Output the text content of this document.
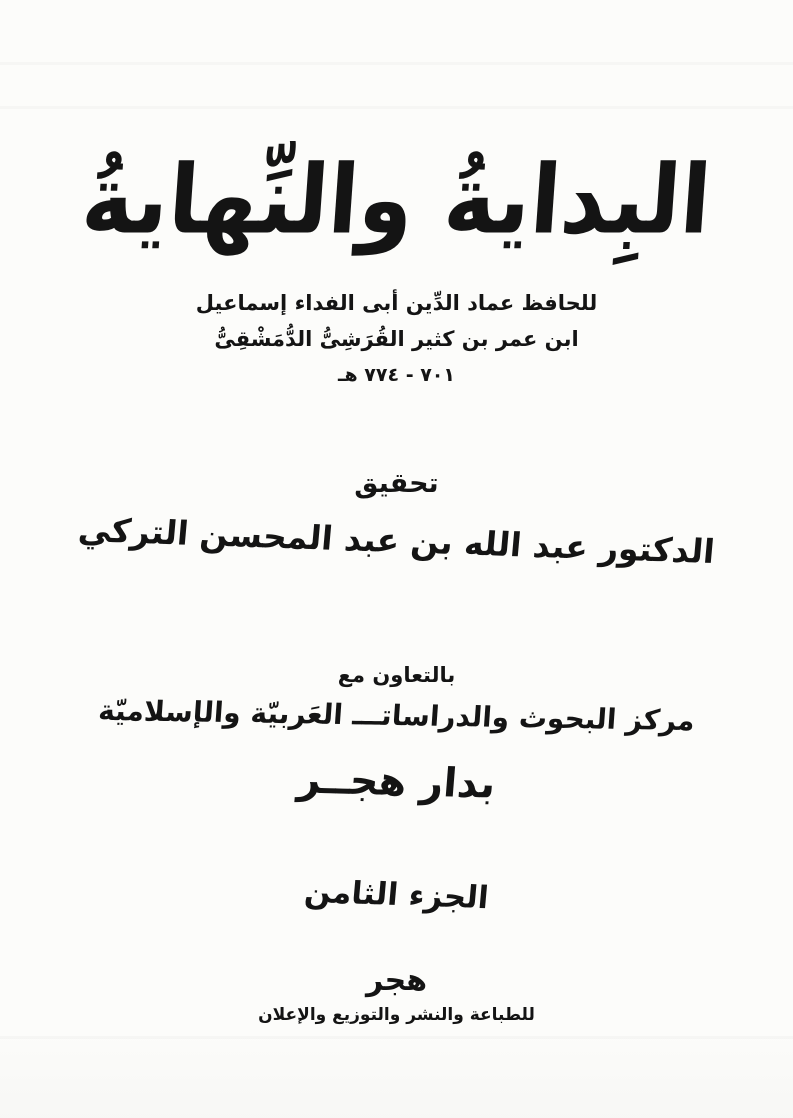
البِدايةُ والنِّهايةُ

للحافظ عماد الدِّين أبى الفداء إسماعيل

ابن عمر بن كثير القُرَشِىُّ الدُّمَشْقِىُّ

٧٠١ - ٧٧٤ هـ

تحقيق

الدكتور عبد الله بن عبد المحسن التركي

بالتعاون مع

مركز البحوث والدراساتـــ العَربيّة والإسلاميّة

بدار هجــر

الجزء الثامن

هجر

للطباعة والنشر والتوزيع والإعلان
